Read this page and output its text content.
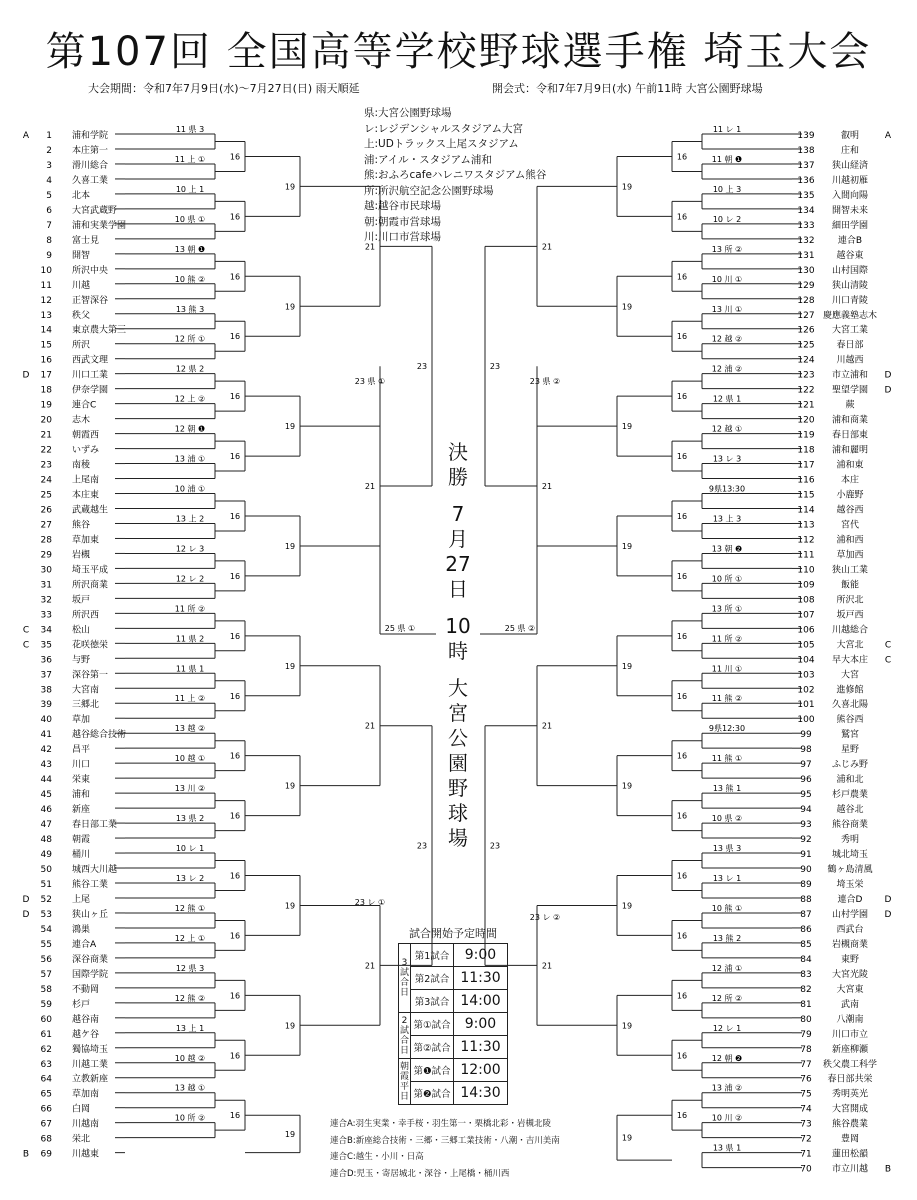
第107回 全国高等学校野球選手権 埼玉大会
大会期間：令和7年7月9日(水)～7月27日(日) 雨天順延	開会式：令和7年7月9日(水) 午前11時 大宮公園野球場
1 浦和学院
A
2 本庄第一
3 滑川総合
4 久喜工業
5 北本
6 大宮武蔵野
7 浦和実業学園
8 富士見
9 開智
10 所沢中央
11 川越
12 正智深谷
13 秩父
14 東京農大第三
15 所沢
16 西武文理
17 川口工業
D
18 伊奈学園
19 連合C
20 志木
21 朝霞西
22 いずみ
23 南稜
24 上尾南
25 本庄東
26 武蔵越生
27 熊谷
28 草加東
29 岩槻
30 埼玉平成
31 所沢商業
32 坂戸
33 所沢西
34 松山
C
35 花咲徳栄
C
36 与野
37 深谷第一
38 大宮南
39 三郷北
40 草加
41 越谷総合技術
42 昌平
43 川口
44 栄東
45 浦和
46 新座
47 春日部工業
48 朝霞
49 桶川
50 城西大川越
51 熊谷工業
52 上尾
D
53 狭山ヶ丘
D
54 鴻巣
55 連合A
56 深谷商業
57 国際学院
58 不動岡
59 杉戸
60 越谷南
61 越ケ谷
62 獨協埼玉
63 川越工業
64 立教新座
65 草加南
66 白岡
67 川越南
68 栄北
69 川越東
B
139	叡明	A
138	庄和
137 狭山経済
136 川越初雁
135 入間向陽
134 開智未来
133 細田学園
132	連合B
131 越谷東
130 山村国際
129 狭山清陵
128 川口青陵
127 慶應義塾志木
126 大宮工業
125 春日部
124 川越西
123 市立浦和 D
122 聖望学園 D
121	蕨
120 浦和商業
119 春日部東
118 浦和麗明
117 浦和東
116	本庄
115 小鹿野
114 越谷西
113	宮代
112 浦和西
111 草加西
110 狭山工業
109	飯能
108 所沢北
107 坂戸西
106 川越総合
105 大宮北 C
104 早大本庄 C
103	大宮
102 進修館
101 久喜北陽
100 熊谷西
99	鷲宮
98	星野
97 ふじみ野
96	浦和北
95 杉戸農業
94	越谷北
93 熊谷商業
92	秀明
91 城北埼玉
90 鶴ヶ島清風
89	埼玉栄
88	連合D D
87 山村学園 D
86	西武台
85 岩槻商業
84	東野
83 大宮光陵
82	大宮東
81	武南
80	八潮南
79 川口市立
78 新座柳瀬
77 秩父農工科学
76 春日部共栄
75 秀明英光
74 大宮開成
73 熊谷農業
72	豊岡
71 蓮田松韻
70 市立川越 B
11 県 3
11 上 ①
10 上 1
10 県 ①
13 朝 ❶
10 熊 ②
13 熊 3
12 所 ①
12 県 2
12 上 ②
12 朝 ❶
13 浦 ①
10 浦 ①
13 上 2
12 レ 3
12 レ 2
11 所 ②
11 県 2
11 県 1
11 上 ②
13 越 ②
10 越 ①
13 川 ②
13 県 2
10 レ 1
13 レ 2
12 熊 ①
12 上 ①
12 県 3
12 熊 ②
13 上 1
10 越 ②
13 越 ①
10 所 ②
16
16
16
16
16
16
16
16
16
16
16
16
16
16
16
16
16
19
19
19
19
19
19
19
19
19
21
21
21
21
23
23
11 レ 1
11 朝 ❶
10 上 3
10 レ 2
13 所 ②
10 川 ①
13 川 ①
12 越 ②
12 浦 ②
12 県 1
12 越 ①
13 レ 3
9県13:30
13 上 3
13 朝 ❷
10 所 ①
13 所 ①
11 所 ②
11 川 ①
11 熊 ②
9県12:30
11 熊 ①
13 熊 1
10 県 ②
13 県 3
13 レ 1
10 熊 ①
13 熊 2
12 浦 ①
12 所 ②
12 レ 1
12 朝 ❷
13 浦 ②
10 川 ②
13 県 1
16
16
16
16
16
16
16
16
16
16
16
16
16
16
16
16
16
19
19
19
19
19
19
19
19
19
21
21
21
21
23
23
25 県 ①	25 県 ②
23 県 ①
23 レ ①
23 県 ②
23 レ ②
県:大宮公園野球場
レ:レジデンシャルスタジアム大宮
上:UDトラックス上尾スタジアム
浦:アイル・スタジアム浦和
熊:おふろcafeハレニワスタジアム熊谷
所:所沢航空記念公園野球場
越:越谷市民球場
朝:朝霞市営球場
川:川口市営球場
決
勝

7
月
27
日

10
時

大
宮
公
園
野
球
場
試合開始予定時間
3試合日	第1試合	9:00
	第2試合	11:30
	第3試合	14:00
2試合日	第①試合	9:00
	第②試合	11:30
朝霞平日	第❶試合	12:00
	第❷試合	14:30
連合A:羽生実業・幸手桜・羽生第一・栗橋北彩・岩槻北陵
連合B:新座総合技術・三郷・三郷工業技術・八潮・吉川美南
連合C:越生・小川・日高
連合D:児玉・寄居城北・深谷・上尾橋・桶川西
